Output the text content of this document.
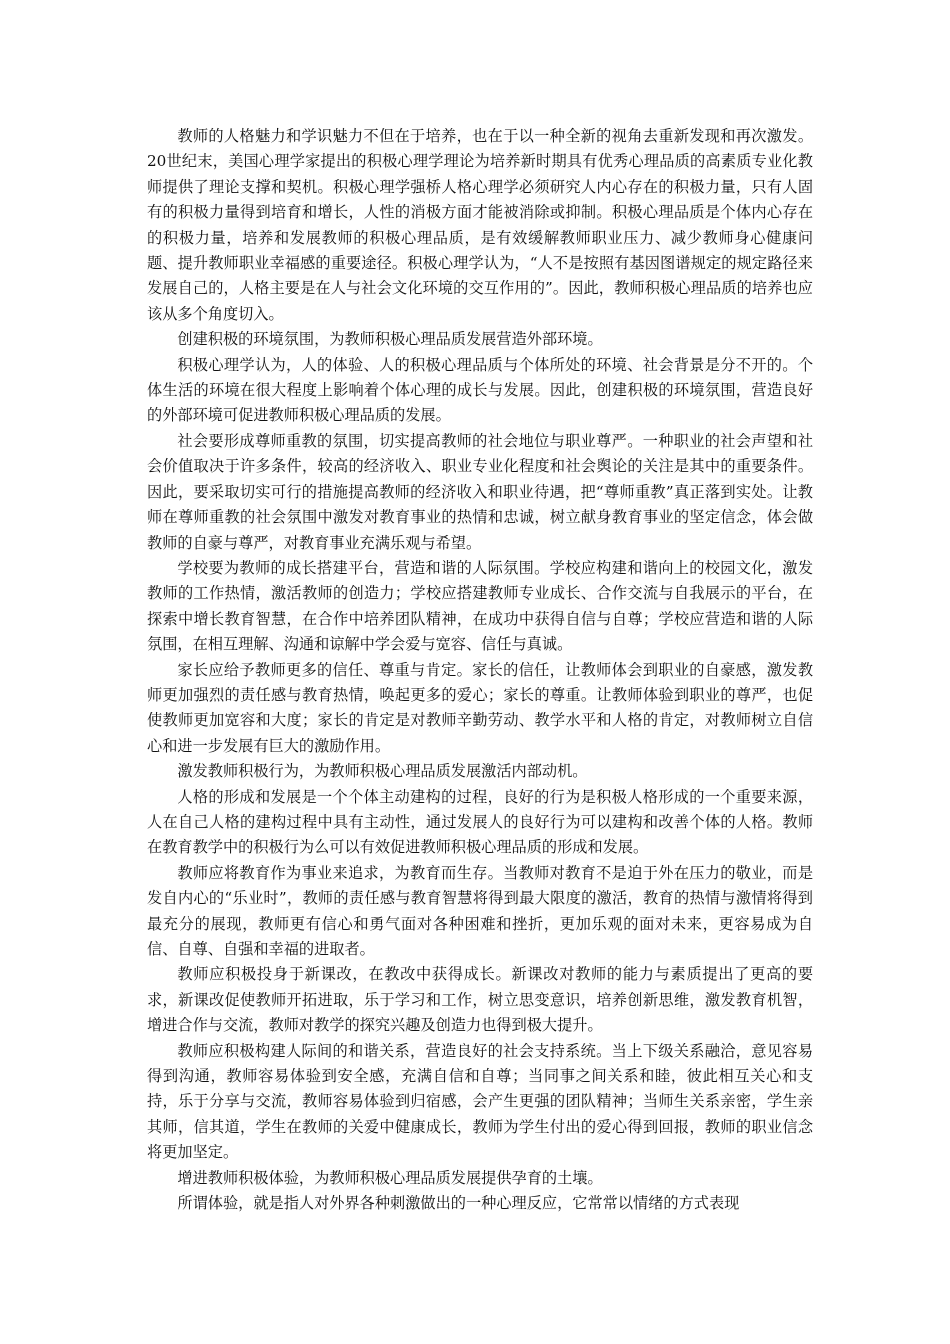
教师的人格魅力和学识魅力不但在于培养，也在于以一种全新的视角去重新发现和再次激发。20世纪末，美国心理学家提出的积极心理学理论为培养新时期具有优秀心理品质的高素质专业化教师提供了理论支撑和契机。积极心理学强桥人格心理学必须研究人内心存在的积极力量，只有人固有的积极力量得到培育和增长，人性的消极方面才能被消除或抑制。积极心理品质是个体内心存在的积极力量，培养和发展教师的积极心理品质，是有效缓解教师职业压力、减少教师身心健康问题、提升教师职业幸福感的重要途径。积极心理学认为，“人不是按照有基因图谱规定的规定路径来发展自己的，人格主要是在人与社会文化环境的交互作用的”。因此，教师积极心理品质的培养也应该从多个角度切入。

创建积极的环境氛围，为教师积极心理品质发展营造外部环境。

积极心理学认为，人的体验、人的积极心理品质与个体所处的环境、社会背景是分不开的。个体生活的环境在很大程度上影响着个体心理的成长与发展。因此，创建积极的环境氛围，营造良好的外部环境可促进教师积极心理品质的发展。

社会要形成尊师重教的氛围，切实提高教师的社会地位与职业尊严。一种职业的社会声望和社会价值取决于许多条件，较高的经济收入、职业专业化程度和社会舆论的关注是其中的重要条件。因此，要采取切实可行的措施提高教师的经济收入和职业待遇，把“尊师重教”真正落到实处。让教师在尊师重教的社会氛围中激发对教育事业的热情和忠诚，树立献身教育事业的坚定信念，体会做教师的自豪与尊严，对教育事业充满乐观与希望。

学校要为教师的成长搭建平台，营造和谐的人际氛围。学校应构建和谐向上的校园文化，激发教师的工作热情，激活教师的创造力；学校应搭建教师专业成长、合作交流与自我展示的平台，在探索中增长教育智慧，在合作中培养团队精神，在成功中获得自信与自尊；学校应营造和谐的人际氛围，在相互理解、沟通和谅解中学会爱与宽容、信任与真诚。

家长应给予教师更多的信任、尊重与肯定。家长的信任，让教师体会到职业的自豪感，激发教师更加强烈的责任感与教育热情，唤起更多的爱心；家长的尊重。让教师体验到职业的尊严，也促使教师更加宽容和大度；家长的肯定是对教师辛勤劳动、教学水平和人格的肯定，对教师树立自信心和进一步发展有巨大的激励作用。

激发教师积极行为，为教师积极心理品质发展激活内部动机。

人格的形成和发展是一个个体主动建构的过程，良好的行为是积极人格形成的一个重要来源，人在自己人格的建构过程中具有主动性，通过发展人的良好行为可以建构和改善个体的人格。教师在教育教学中的积极行为么可以有效促进教师积极心理品质的形成和发展。

教师应将教育作为事业来追求，为教育而生存。当教师对教育不是迫于外在压力的敬业，而是发自内心的“乐业时”，教师的责任感与教育智慧将得到最大限度的激活，教育的热情与激情将得到最充分的展现，教师更有信心和勇气面对各种困难和挫折，更加乐观的面对未来，更容易成为自信、自尊、自强和幸福的进取者。

教师应积极投身于新课改，在教改中获得成长。新课改对教师的能力与素质提出了更高的要求，新课改促使教师开拓进取，乐于学习和工作，树立思变意识，培养创新思维，激发教育机智，增进合作与交流，教师对教学的探究兴趣及创造力也得到极大提升。

教师应积极构建人际间的和谐关系，营造良好的社会支持系统。当上下级关系融洽，意见容易得到沟通，教师容易体验到安全感，充满自信和自尊；当同事之间关系和睦，彼此相互关心和支持，乐于分享与交流，教师容易体验到归宿感，会产生更强的团队精神；当师生关系亲密，学生亲其师，信其道，学生在教师的关爱中健康成长，教师为学生付出的爱心得到回报，教师的职业信念将更加坚定。

增进教师积极体验，为教师积极心理品质发展提供孕育的土壤。

所谓体验，就是指人对外界各种刺激做出的一种心理反应，它常常以情绪的方式表现
